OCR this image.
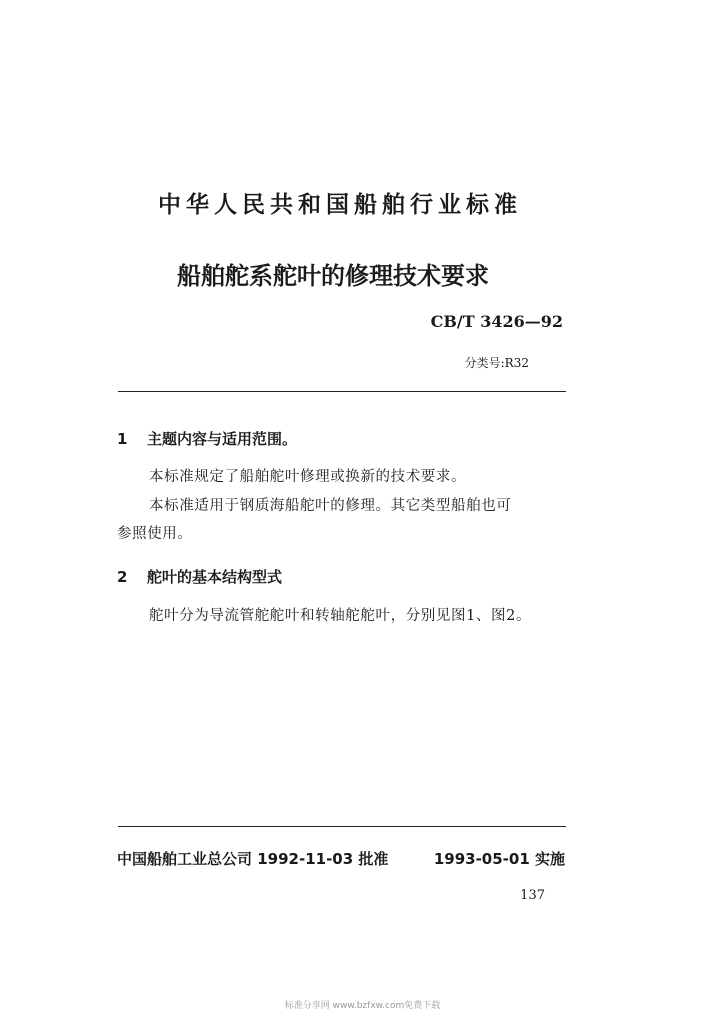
中华人民共和国船舶行业标准
船舶舵系舵叶的修理技术要求
CB/T 3426—92
分类号:R32
1 主题内容与适用范围。
本标准规定了船舶舵叶修理或换新的技术要求。
本标准适用于钢质海船舵叶的修理。其它类型船舶也可
参照使用。
2 舵叶的基本结构型式
舵叶分为导流管舵舵叶和转轴舵舵叶，分别见图1、图2。
中国船舶工业总公司 1992-11-03 批准	1993-05-01 实施
137
标准分享网 www.bzfxw.com免费下载
